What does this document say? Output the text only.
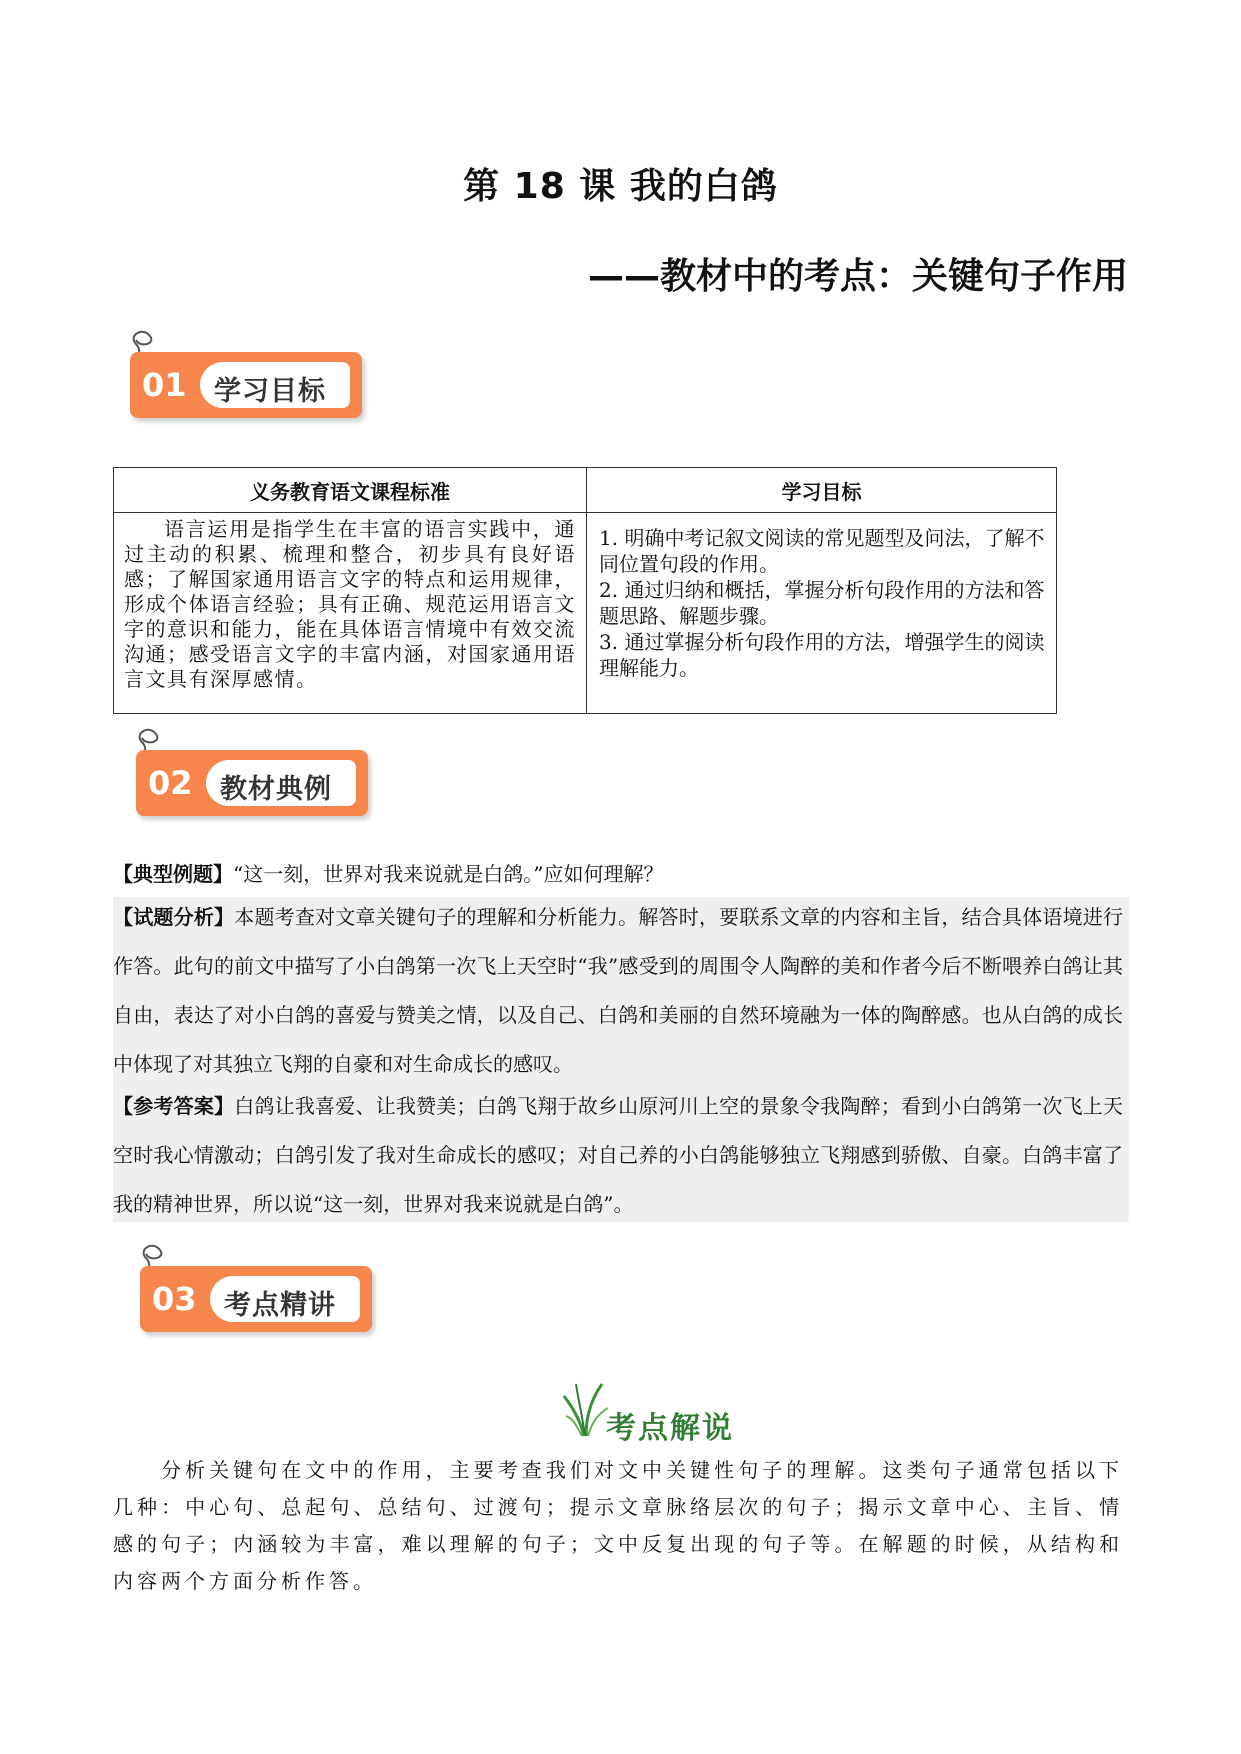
第 18 课 我的白鸽
——教材中的考点：关键句子作用
01 学习目标
义务教育语文课程标准	学习目标
语言运用是指学生在丰富的语言实践中，通过主动的积累、梳理和整合，初步具有良好语感；了解国家通用语言文字的特点和运用规律，形成个体语言经验；具有正确、规范运用语言文字的意识和能力，能在具体语言情境中有效交流沟通；感受语言文字的丰富内涵，对国家通用语言文具有深厚感情。	1. 明确中考记叙文阅读的常见题型及问法，了解不同位置句段的作用。

2. 通过归纳和概括，掌握分析句段作用的方法和答题思路、解题步骤。

3. 通过掌握分析句段作用的方法，增强学生的阅读理解能力。

02 教材典例
【典型例题】“这一刻，世界对我来说就是白鸽。”应如何理解？
【试题分析】本题考查对文章关键句子的理解和分析能力。解答时，要联系文章的内容和主旨，结合具体语境进行作答。此句的前文中描写了小白鸽第一次飞上天空时“我”感受到的周围令人陶醉的美和作者今后不断喂养白鸽让其自由，表达了对小白鸽的喜爱与赞美之情，以及自己、白鸽和美丽的自然环境融为一体的陶醉感。也从白鸽的成长中体现了对其独立飞翔的自豪和对生命成长的感叹。
【参考答案】白鸽让我喜爱、让我赞美；白鸽飞翔于故乡山原河川上空的景象令我陶醉；看到小白鸽第一次飞上天空时我心情激动；白鸽引发了我对生命成长的感叹；对自己养的小白鸽能够独立飞翔感到骄傲、自豪。白鸽丰富了我的精神世界，所以说“这一刻，世界对我来说就是白鸽”。
03 考点精讲
考点解说
分析关键句在文中的作用，主要考查我们对文中关键性句子的理解。这类句子通常包括以下几种：中心句、总起句、总结句、过渡句；提示文章脉络层次的句子；揭示文章中心、主旨、情感的句子；内涵较为丰富，难以理解的句子；文中反复出现的句子等。在解题的时候，从结构和内容两个方面分析作答。
